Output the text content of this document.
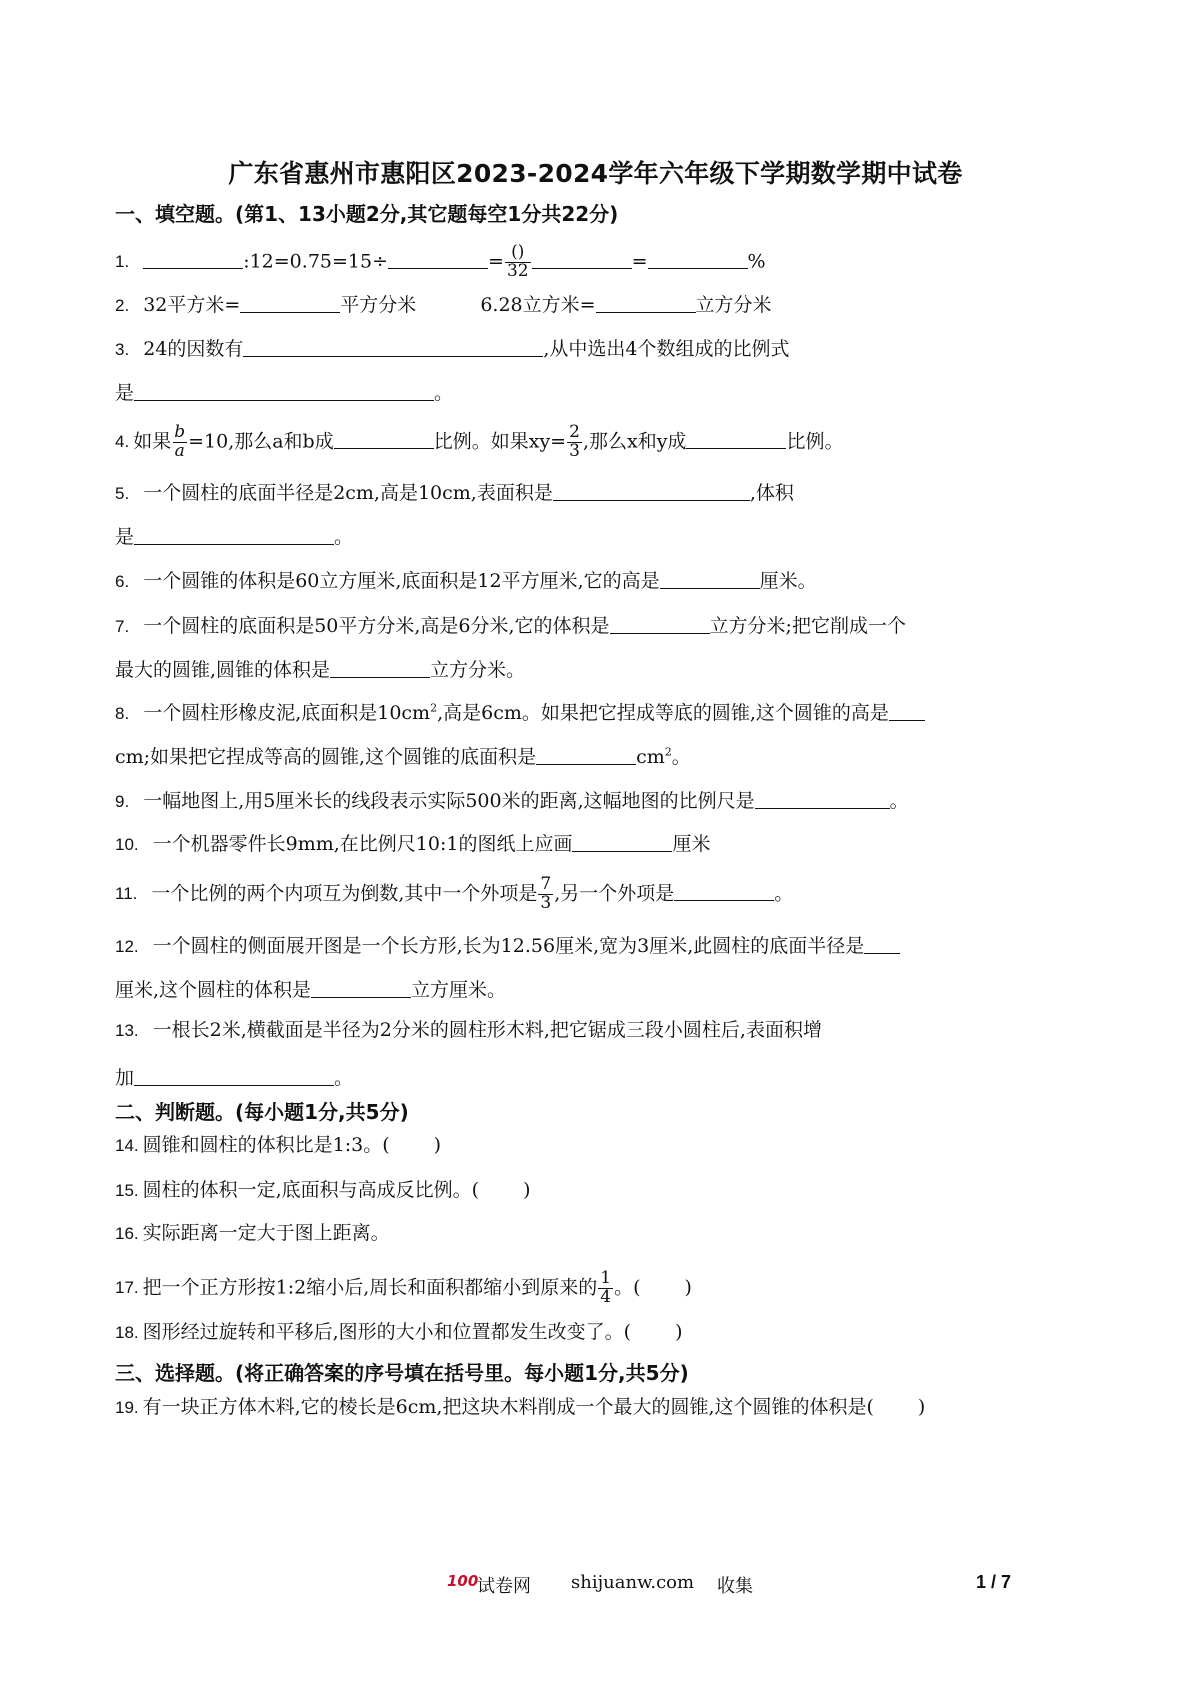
广东省惠州市惠阳区2023-2024学年六年级下学期数学期中试卷
一、填空题。(第1、13小题2分,其它题每空1分共22分)
1.	:12=0.75=15÷	= $\frac{()}{32}$	=	%
2. 32平方米=	平方分米	6.28立方米=	立方分米
3. 24的因数有	,从中选出4个数组成的比例式
是	。
4. 如果 $\frac{b}{a} =10$,那么a和b成	比例。如果$xy= \frac{2}{3}$ ,那么x和y成	比例。
5. 一个圆柱的底面半径是2cm,高是10cm,表面积是	,体积
是	。
6. 一个圆锥的体积是60立方厘米,底面积是12平方厘米,它的高是	厘米。
7. 一个圆柱的底面积是50平方分米,高是6分米,它的体积是	立方分米;把它削成一个
最大的圆锥,圆锥的体积是	立方分米。
8. 一个圆柱形橡皮泥,底面积是$10cm^2$,高是6cm。如果把它捏成等底的圆锥,这个圆锥的高是
cm;如果把它捏成等高的圆锥,这个圆锥的底面积是	$cm^2$。
9. 一幅地图上,用5厘米长的线段表示实际500米的距离,这幅地图的比例尺是	。
10. 一个机器零件长9mm,在比例尺10:1的图纸上应画	厘米
11. 一个比例的两个内项互为倒数,其中一个外项是 $\frac{7}{3}$ ,另一个外项是	。
12. 一个圆柱的侧面展开图是一个长方形,长为12.56厘米,宽为3厘米,此圆柱的底面半径是
厘米,这个圆柱的体积是	立方厘米。
13. 一根长2米,横截面是半径为2分米的圆柱形木料,把它锯成三段小圆柱后,表面积增
加	。
二、判断题。(每小题1分,共5分)
14. 圆锥和圆柱的体积比是1:3。( )
15. 圆柱的体积一定,底面积与高成反比例。( )
16. 实际距离一定大于图上距离。
17. 把一个正方形按1:2缩小后,周长和面积都缩小到原来的 $\frac{1}{4}$ 。( )
18. 图形经过旋转和平移后,图形的大小和位置都发生改变了。( )
三、选择题。(将正确答案的序号填在括号里。每小题1分,共5分)
19. 有一块正方体木料,它的棱长是6cm,把这块木料削成一个最大的圆锥,这个圆锥的体积是( )
100
试卷网 shijuanw.com 收集	1 / 7
